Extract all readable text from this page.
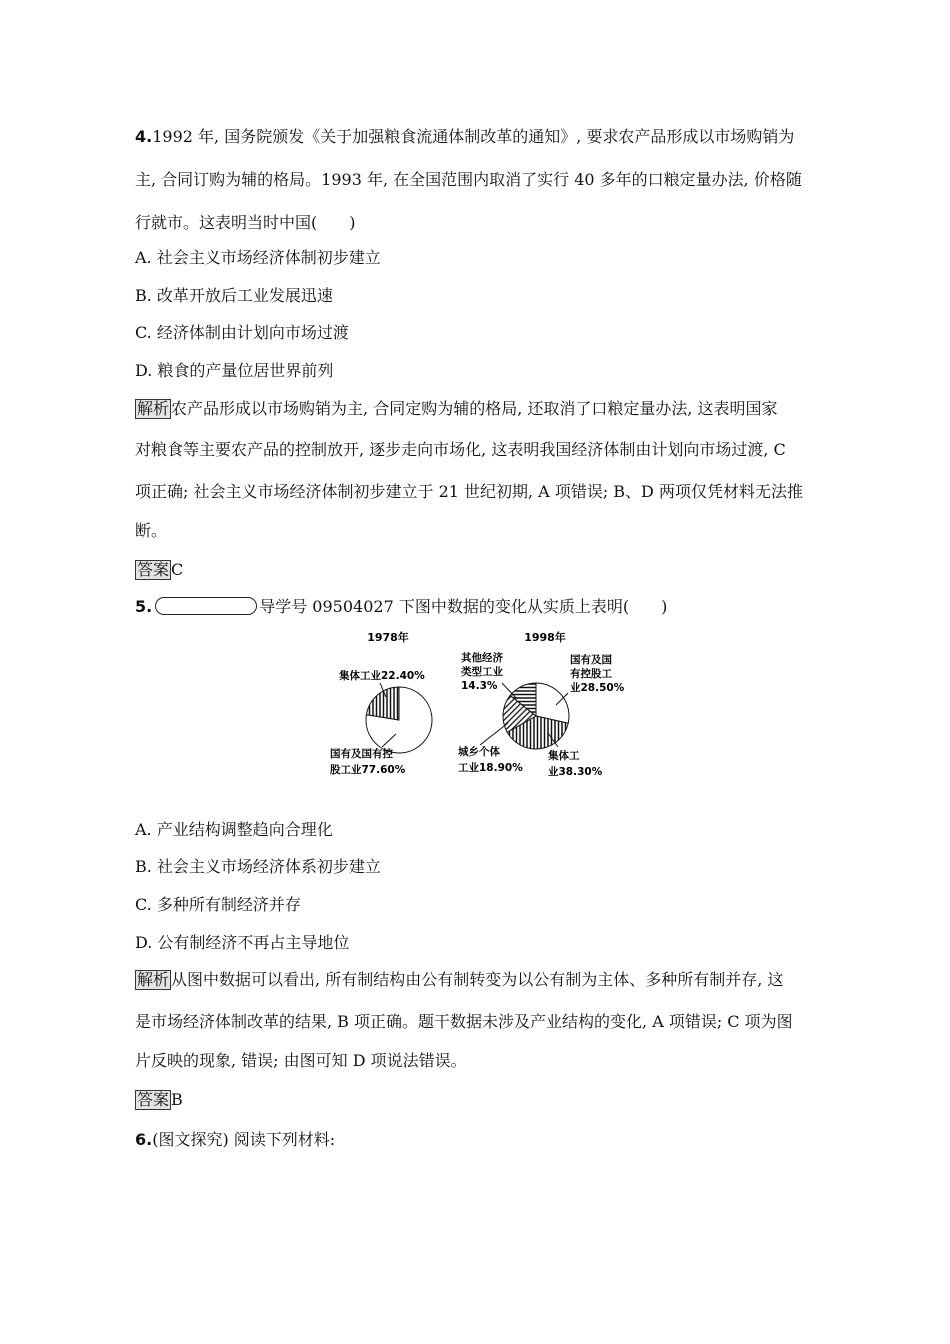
4.1992 年, 国务院颁发《关于加强粮食流通体制改革的通知》, 要求农产品形成以市场购销为
主, 合同订购为辅的格局。1993 年, 在全国范围内取消了实行 40 多年的口粮定量办法, 价格随
行就市。这表明当时中国(　　)
A. 社会主义市场经济体制初步建立
B. 改革开放后工业发展迅速
C. 经济体制由计划向市场过渡
D. 粮食的产量位居世界前列
解析 农产品形成以市场购销为主, 合同定购为辅的格局, 还取消了口粮定量办法, 这表明国家
对粮食等主要农产品的控制放开, 逐步走向市场化, 这表明我国经济体制由计划向市场过渡, C
项正确; 社会主义市场经济体制初步建立于 21 世纪初期, A 项错误; B、D 两项仅凭材料无法推
断。
答案 C
5.	导学号 09504027 下图中数据的变化从实质上表明(　　)
1978年	1998年
集体工业22.40%
国有及国有控 股工业77.60%
其他经济 类型工业 14.3%
国有及国 有控股工 业28.50%
城乡个体 工业18.90%
集体工 业38.30%
A. 产业结构调整趋向合理化
B. 社会主义市场经济体系初步建立
C. 多种所有制经济并存
D. 公有制经济不再占主导地位
解析 从图中数据可以看出, 所有制结构由公有制转变为以公有制为主体、多种所有制并存, 这
是市场经济体制改革的结果, B 项正确。题干数据未涉及产业结构的变化, A 项错误; C 项为图
片反映的现象, 错误; 由图可知 D 项说法错误。
答案 B
6.(图文探究) 阅读下列材料:
